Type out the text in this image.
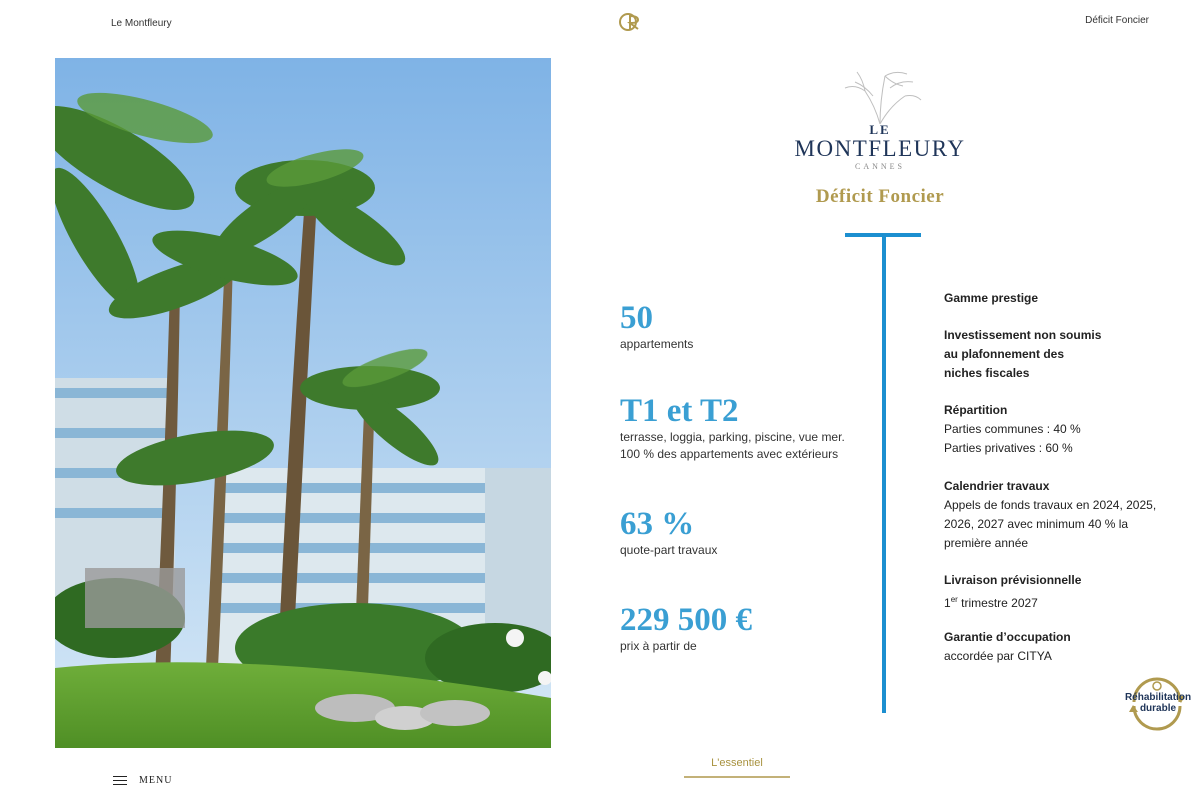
Le Montfleury	Déficit Foncier
LE
MONTFLEURY
CANNES
Déficit Foncier
50
appartements
T1 et T2
terrasse, loggia, parking, piscine, vue mer.
100 % des appartements avec extérieurs
63 %
quote-part travaux
229 500 €
prix à partir de
Gamme prestige
Investissement non soumis
au plafonnement des
niches fiscales
Répartition
Parties communes : 40 %
Parties privatives : 60 %
Calendrier travaux
Appels de fonds travaux en 2024, 2025,
2026, 2027 avec minimum 40 % la
première année
Livraison prévisionnelle
1er trimestre 2027
Garantie d’occupation
accordée par CITYA
Réhabilitation
durable
MENU
L'essentiel
